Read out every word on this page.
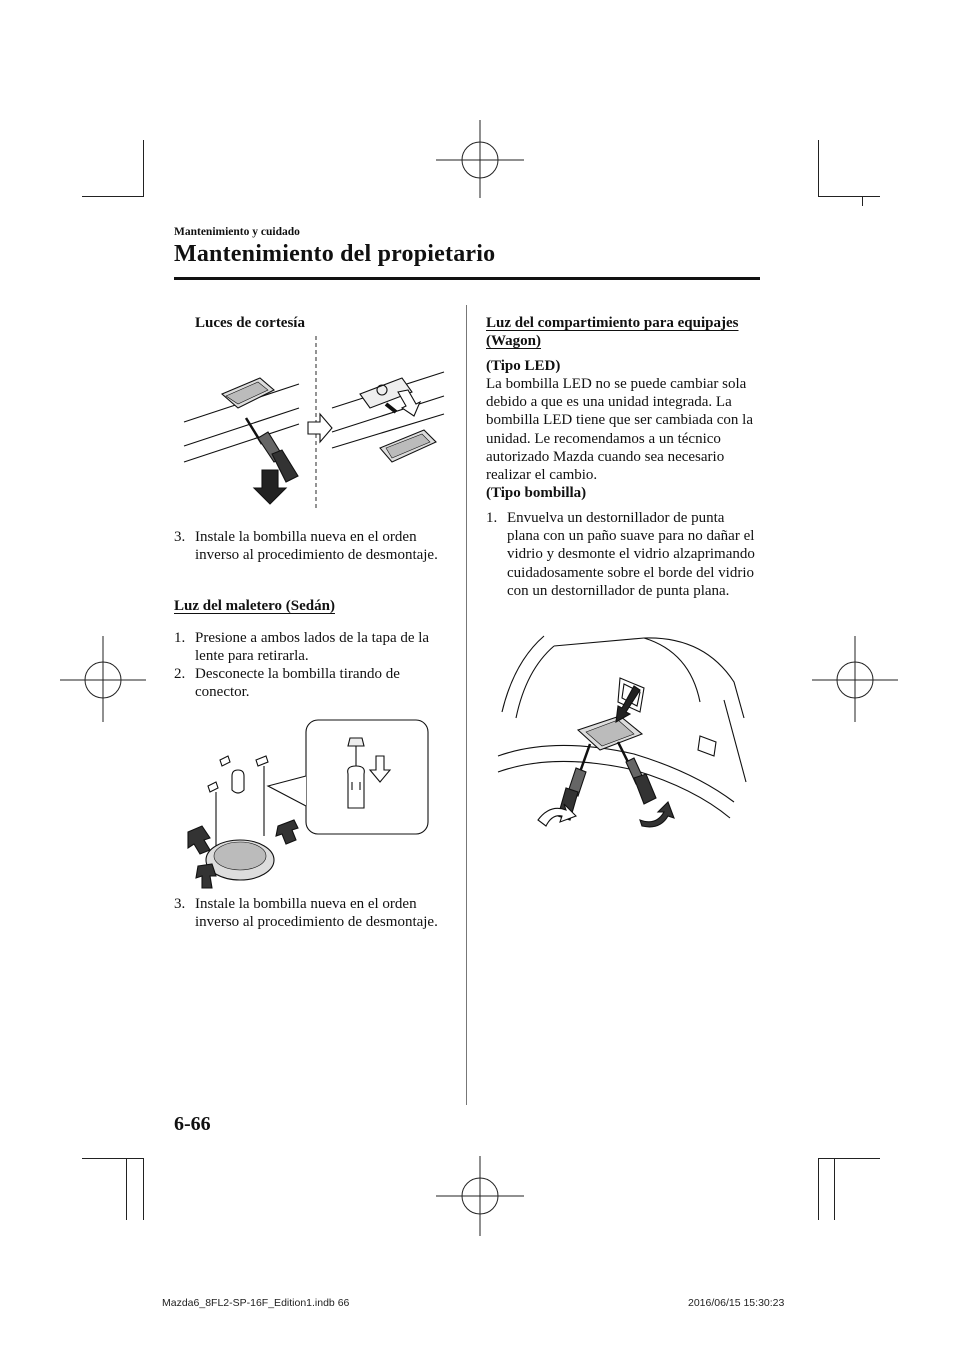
Mantenimiento y cuidado
Mantenimiento del propietario
Luces de cortesía
3. Instale la bombilla nueva en el orden inverso al procedimiento de desmontaje.
Luz del maletero (Sedán)
1. Presione a ambos lados de la tapa de la lente para retirarla.
2. Desconecte la bombilla tirando de conector.
3. Instale la bombilla nueva en el orden inverso al procedimiento de desmontaje.
Luz del compartimiento para equipajes (Wagon)
(Tipo LED)
La bombilla LED no se puede cambiar sola debido a que es una unidad integrada. La bombilla LED tiene que ser cambiada con la unidad. Le recomendamos a un técnico autorizado Mazda cuando sea necesario realizar el cambio.
(Tipo bombilla)
1. Envuelva un destornillador de punta plana con un paño suave para no dañar el vidrio y desmonte el vidrio alzaprimando cuidadosamente sobre el borde del vidrio con un destornillador de punta plana.
6-66
Mazda6_8FL2-SP-16F_Edition1.indb 66	2016/06/15 15:30:23
